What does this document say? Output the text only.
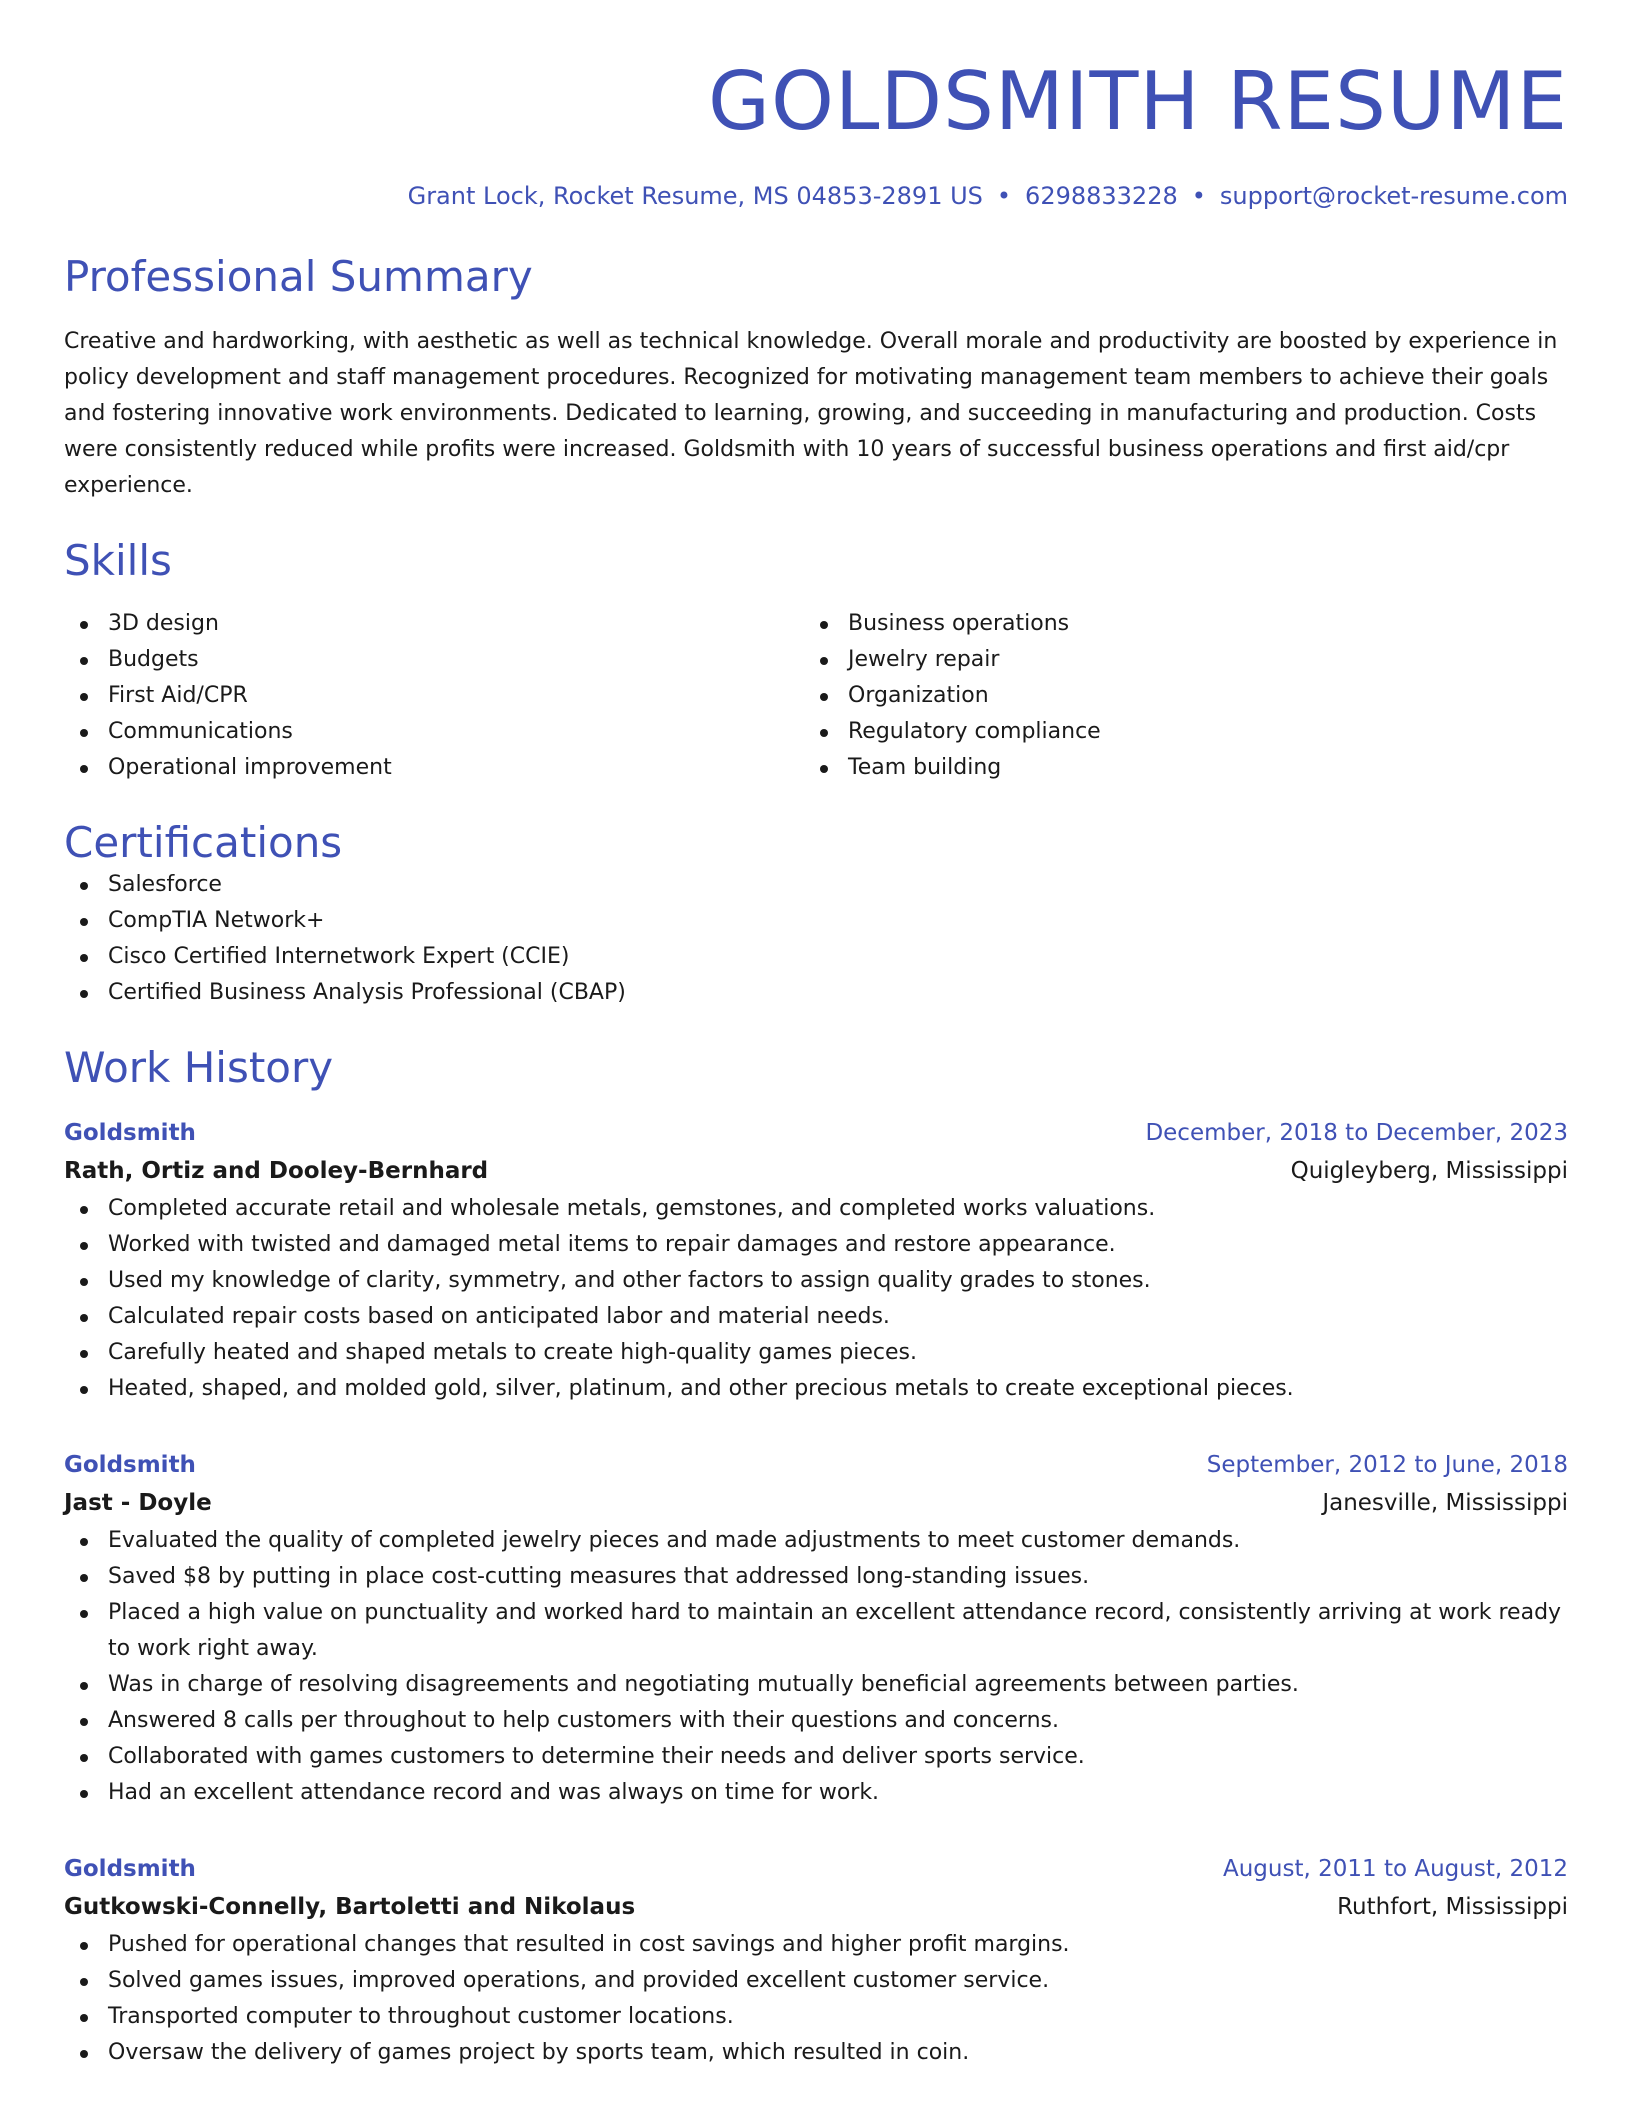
GOLDSMITH RESUME
Grant Lock, Rocket Resume, MS 04853-2891 US • 6298833228 • support@rocket-resume.com
Professional Summary
Creative and hardworking, with aesthetic as well as technical knowledge. Overall morale and productivity are boosted by experience in policy development and staff management procedures. Recognized for motivating management team members to achieve their goals and fostering innovative work environments. Dedicated to learning, growing, and succeeding in manufacturing and production. Costs were consistently reduced while profits were increased. Goldsmith with 10 years of successful business operations and first aid/cpr experience.
Skills
3D design
Budgets
First Aid/CPR
Communications
Operational improvement
Business operations
Jewelry repair
Organization
Regulatory compliance
Team building
Certifications
Salesforce
CompTIA Network+
Cisco Certified Internetwork Expert (CCIE)
Certified Business Analysis Professional (CBAP)
Work History
Goldsmith	December, 2018 to December, 2023
Rath, Ortiz and Dooley-Bernhard	Quigleyberg, Mississippi
Completed accurate retail and wholesale metals, gemstones, and completed works valuations.
Worked with twisted and damaged metal items to repair damages and restore appearance.
Used my knowledge of clarity, symmetry, and other factors to assign quality grades to stones.
Calculated repair costs based on anticipated labor and material needs.
Carefully heated and shaped metals to create high-quality games pieces.
Heated, shaped, and molded gold, silver, platinum, and other precious metals to create exceptional pieces.
Goldsmith	September, 2012 to June, 2018
Jast - Doyle	Janesville, Mississippi
Evaluated the quality of completed jewelry pieces and made adjustments to meet customer demands.
Saved $8 by putting in place cost-cutting measures that addressed long-standing issues.
Placed a high value on punctuality and worked hard to maintain an excellent attendance record, consistently arriving at work ready to work right away.
Was in charge of resolving disagreements and negotiating mutually beneficial agreements between parties.
Answered 8 calls per throughout to help customers with their questions and concerns.
Collaborated with games customers to determine their needs and deliver sports service.
Had an excellent attendance record and was always on time for work.
Goldsmith	August, 2011 to August, 2012
Gutkowski-Connelly, Bartoletti and Nikolaus	Ruthfort, Mississippi
Pushed for operational changes that resulted in cost savings and higher profit margins.
Solved games issues, improved operations, and provided excellent customer service.
Transported computer to throughout customer locations.
Oversaw the delivery of games project by sports team, which resulted in coin.
